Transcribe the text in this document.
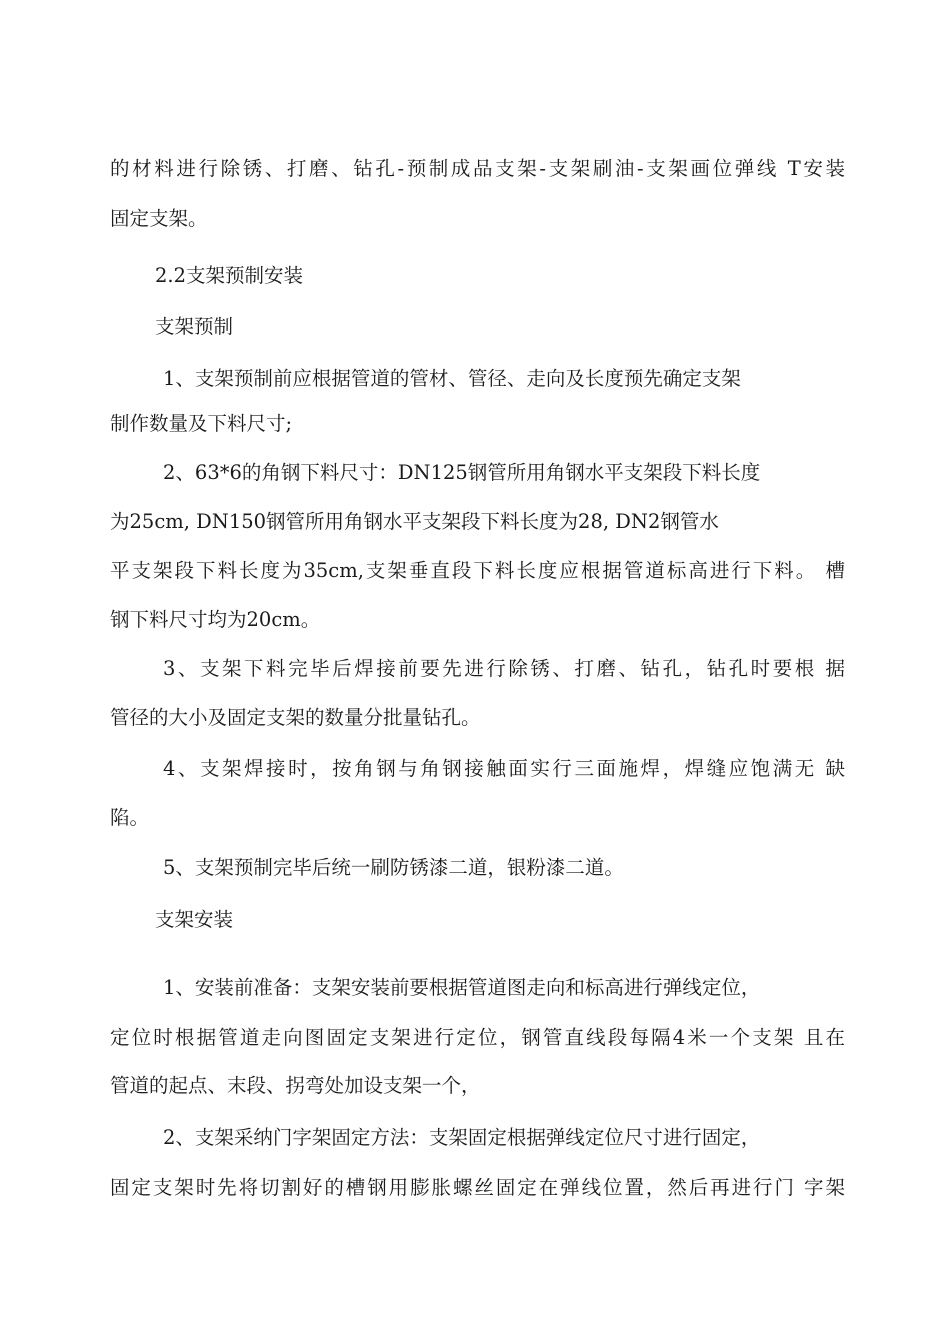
的材料进行除锈、打磨、钻孔-预制成品支架-支架刷油-支架画位弹线 T安装

固定支架。

2.2支架预制安装

支架预制

1、支架预制前应根据管道的管材、管径、走向及长度预先确定支架

制作数量及下料尺寸;

2、63*6的角钢下料尺寸：DN125钢管所用角钢水平支架段下料长度

为25cm, DN150钢管所用角钢水平支架段下料长度为28, DN2钢管水

平支架段下料长度为35cm,支架垂直段下料长度应根据管道标高进行下料。 槽

钢下料尺寸均为20cm。

3、支架下料完毕后焊接前要先进行除锈、打磨、钻孔，钻孔时要根 据

管径的大小及固定支架的数量分批量钻孔。

4、支架焊接时，按角钢与角钢接触面实行三面施焊，焊缝应饱满无 缺

陷。

5、支架预制完毕后统一刷防锈漆二道，银粉漆二道。

支架安装

1、安装前准备：支架安装前要根据管道图走向和标高进行弹线定位，

定位时根据管道走向图固定支架进行定位，钢管直线段每隔4米一个支架 且在

管道的起点、末段、拐弯处加设支架一个，

2、支架采纳门字架固定方法：支架固定根据弹线定位尺寸进行固定，

固定支架时先将切割好的槽钢用膨胀螺丝固定在弹线位置，然后再进行门 字架
